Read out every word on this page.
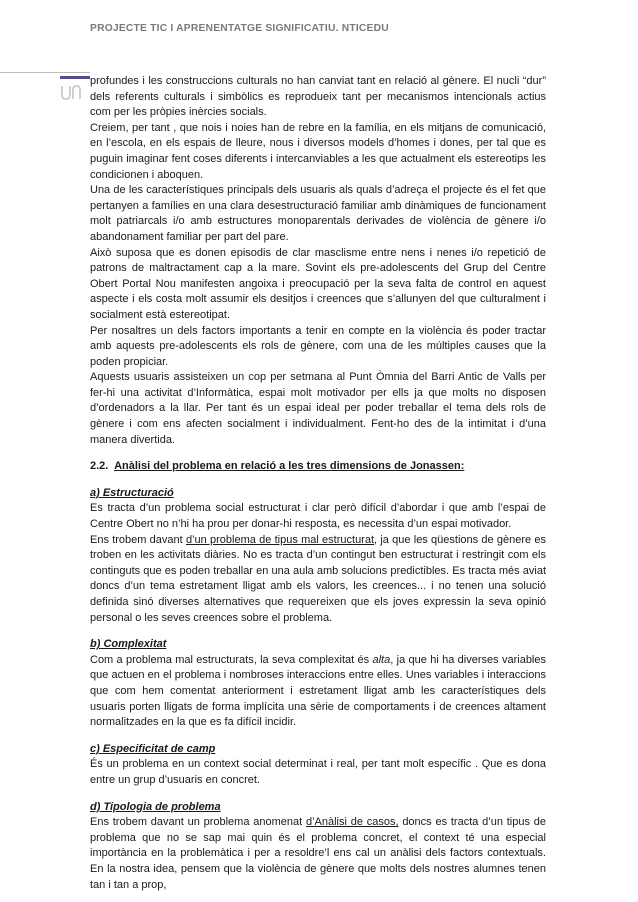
PROJECTE TIC I APRENENTATGE SIGNIFICATIU. NTICEDU

profundes i les construccions culturals no han canviat tant en relació al gènere. El nucli “dur” dels referents culturals i simbòlics es reprodueix tant per mecanismos intencionals actius com per les pròpies inèrcies socials.

Creiem, per tant , que nois i noies han de rebre en la família, en els mitjans de comunicació, en l’escola, en els espais de lleure, nous i diversos models d’homes i dones, per tal que es puguin imaginar fent coses diferents i intercanviables a les que actualment els estereotips les condicionen i aboquen.

Una de les característiques principals dels usuaris als quals d’adreça el projecte és el fet que pertanyen a famílies en una clara desestructuració familiar amb dinàmiques de funcionament molt patriarcals i/o amb estructures monoparentals derivades de violència de gènere i/o abandonament familiar per part del pare.

Això suposa que es donen episodis de clar masclisme entre nens i nenes i/o repetició de patrons de maltractament cap a la mare. Sovint els pre-adolescents del Grup del Centre Obert Portal Nou manifesten angoixa i preocupació per la seva falta de control en aquest aspecte i els costa molt assumir els desitjos i creences que s’allunyen del que culturalment i socialment està estereotipat.

Per nosaltres un dels factors importants a tenir en compte en la violència és poder tractar amb aquests pre-adolescents els rols de gènere, com una de les múltiples causes que la poden propiciar.

Aquests usuaris assisteixen un cop per setmana al Punt Òmnia del Barri Antic de Valls per fer-hi una activitat d’Informàtica, espai molt motivador per ells ja que molts no disposen d’ordenadors a la llar. Per tant és un espai ideal per poder treballar el tema dels rols de gènere i com ens afecten socialment i individualment. Fent-ho des de la intimitat i d’una manera divertida.

2.2. Anàlisi del problema en relació a les tres dimensions de Jonassen:

a) Estructuració

Es tracta d’un problema social estructurat i clar però difícil d’abordar i que amb l’espai de Centre Obert no n’hi ha prou per donar-hi resposta, es necessita d’un espai motivador.

Ens trobem davant d’un problema de tipus mal estructurat, ja que les qüestions de gènere es troben en les activitats diàries. No es tracta d’un contingut ben estructurat i restringit com els continguts que es poden treballar en una aula amb solucions predictibles. Es tracta més aviat doncs d’un tema estretament lligat amb els valors, les creences... i no tenen una solució definida sinó diverses alternatives que requereixen que els joves expressin la seva opinió personal o les seves creences sobre el problema.

b) Complexitat

Com a problema mal estructurats, la seva complexitat és alta, ja que hi ha diverses variables que actuen en el problema i nombroses interaccions entre elles. Unes variables i interaccions que com hem comentat anteriorment i estretament lligat amb les característiques dels usuaris porten lligats de forma implícita una sèrie de comportaments i de creences altament normalitzades en la que es fa difícil incidir.

c) Especificitat de camp

És un problema en un context social determinat i real, per tant molt específic . Que es dona entre un grup d’usuaris en concret.

d) Tipologia de problema

Ens trobem davant un problema anomenat d’Anàlisi de casos, doncs es tracta d’un tipus de problema que no se sap mai quin és el problema concret, el context té una especial importància en la problemàtica i per a resoldre’l ens cal un anàlisi dels factors contextuals. En la nostra idea, pensem que la violència de gènere que molts dels nostres alumnes tenen tan i tan a prop,
